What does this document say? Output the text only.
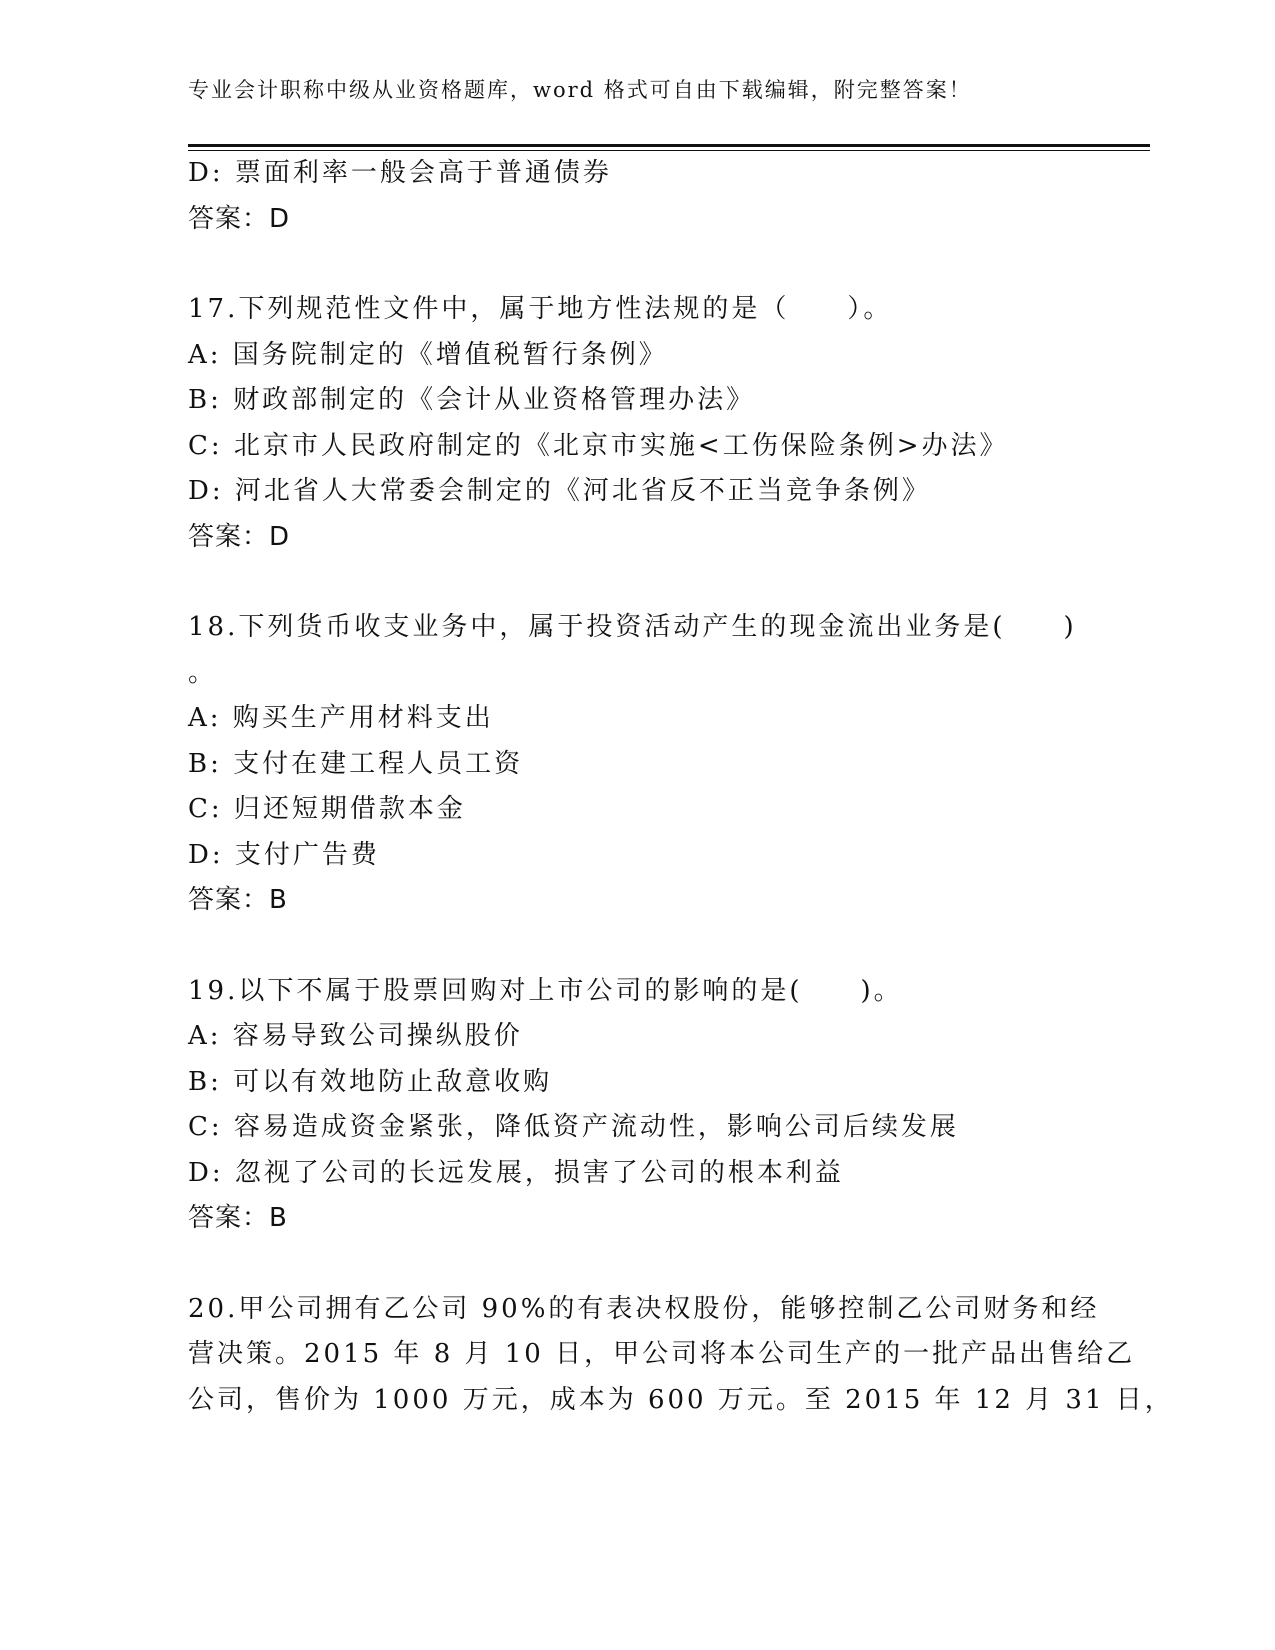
专业会计职称中级从业资格题库，word 格式可自由下载编辑，附完整答案！
D: 票面利率一般会高于普通债券
答案：D
17.下列规范性文件中，属于地方性法规的是（　　）。
A: 国务院制定的《增值税暂行条例》
B: 财政部制定的《会计从业资格管理办法》
C: 北京市人民政府制定的《北京市实施<工伤保险条例>办法》
D: 河北省人大常委会制定的《河北省反不正当竞争条例》
答案：D
18.下列货币收支业务中，属于投资活动产生的现金流出业务是(　　)
。
A: 购买生产用材料支出
B: 支付在建工程人员工资
C: 归还短期借款本金
D: 支付广告费
答案：B
19.以下不属于股票回购对上市公司的影响的是(　　)。
A: 容易导致公司操纵股价
B: 可以有效地防止敌意收购
C: 容易造成资金紧张，降低资产流动性，影响公司后续发展
D: 忽视了公司的长远发展，损害了公司的根本利益
答案：B
20.甲公司拥有乙公司 90%的有表决权股份，能够控制乙公司财务和经
营决策。2015 年 8 月 10 日，甲公司将本公司生产的一批产品出售给乙
公司，售价为 1000 万元，成本为 600 万元。至 2015 年 12 月 31 日，
